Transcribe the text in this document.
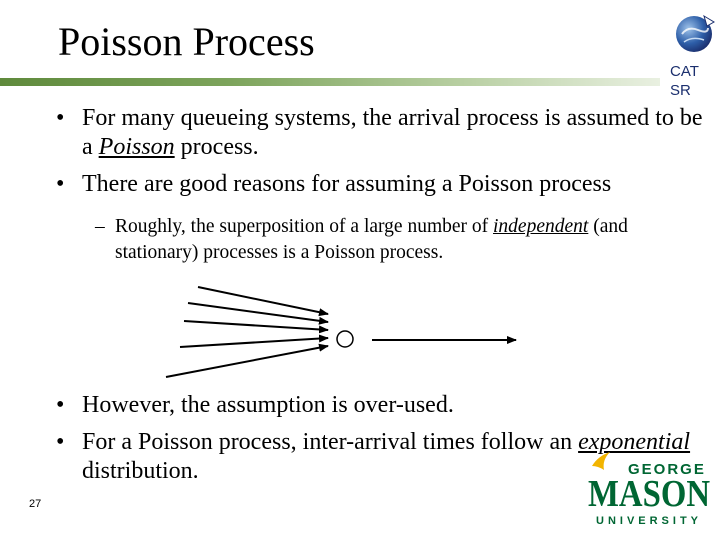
Poisson Process
CAT
SR
• For many queueing systems, the arrival process is assumed to be a Poisson process.
• There are good reasons for assuming a Poisson process
– Roughly, the superposition of a large number of independent (and stationary) processes is a Poisson process.
• However, the assumption is over-used.
• For a Poisson process, inter-arrival times follow an exponential distribution.
27
GEORGE
MASON
UNIVERSITY
